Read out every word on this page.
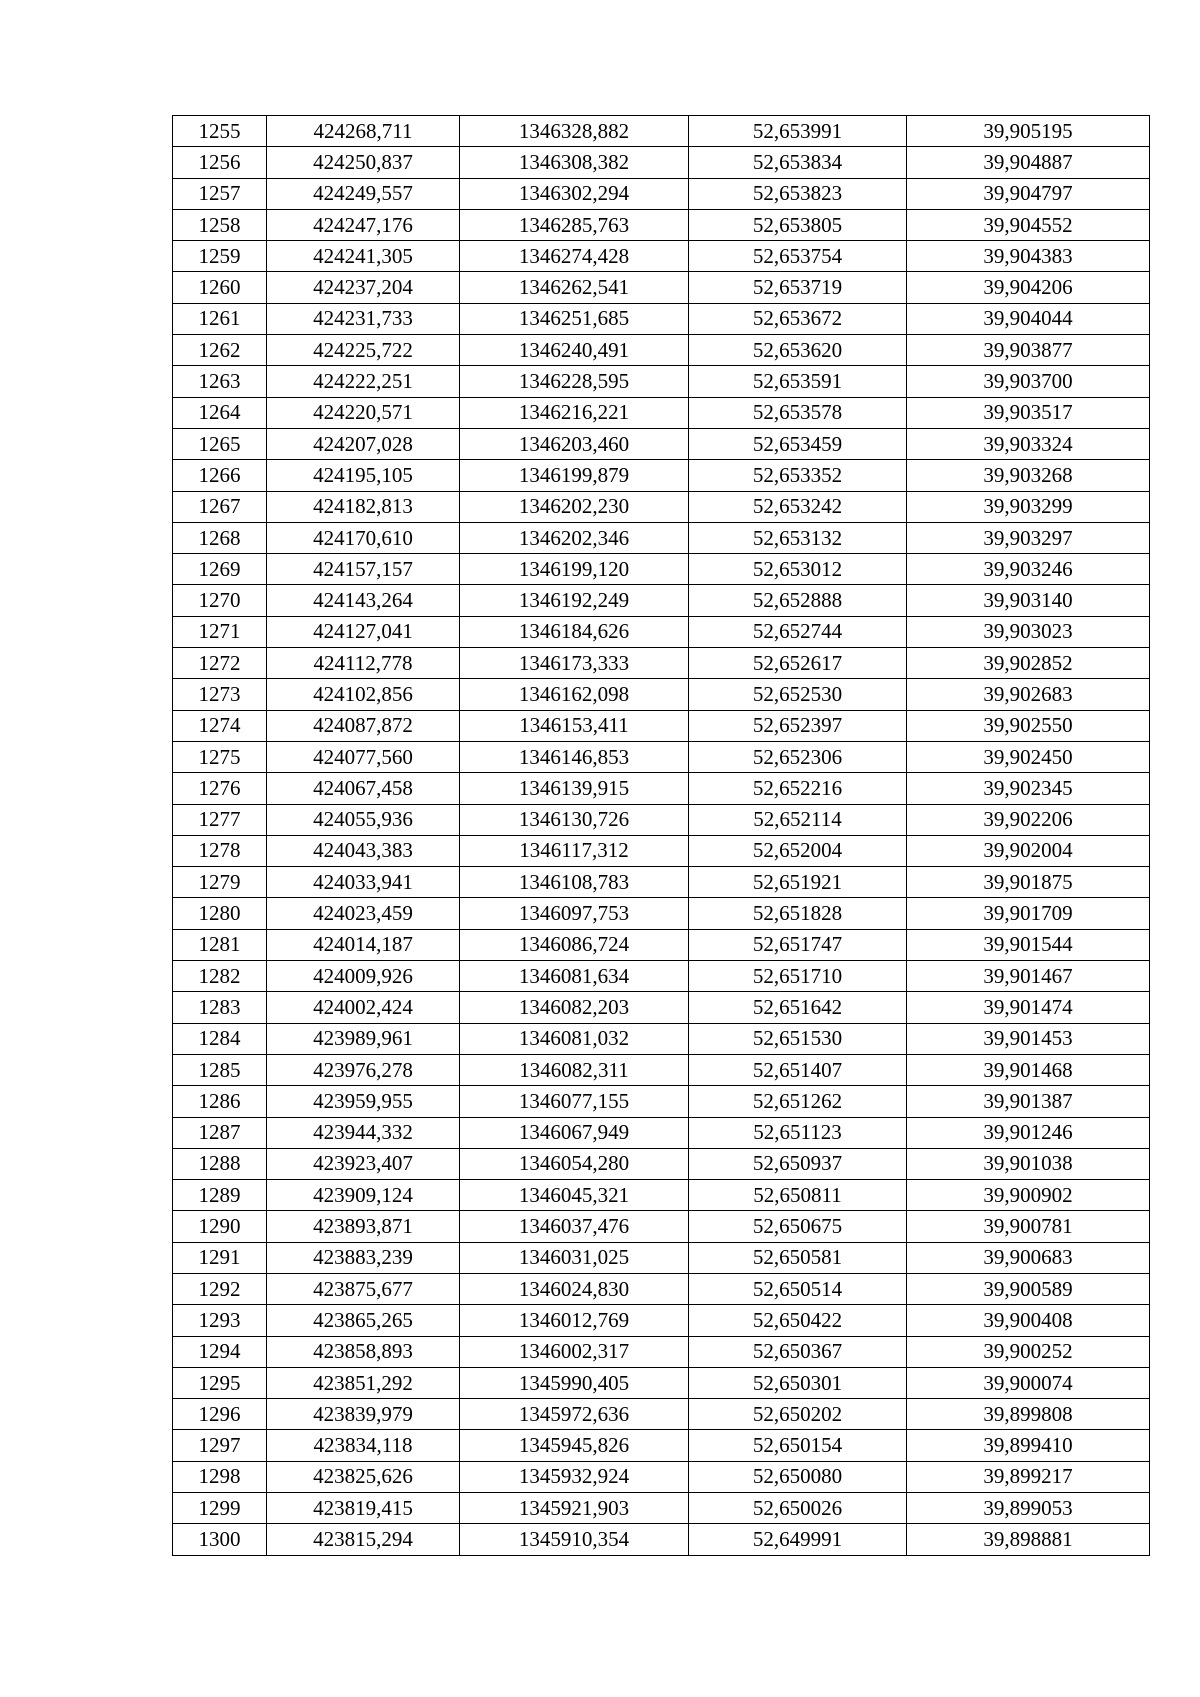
1255	424268,711	1346328,882	52,653991	39,905195
1256	424250,837	1346308,382	52,653834	39,904887
1257	424249,557	1346302,294	52,653823	39,904797
1258	424247,176	1346285,763	52,653805	39,904552
1259	424241,305	1346274,428	52,653754	39,904383
1260	424237,204	1346262,541	52,653719	39,904206
1261	424231,733	1346251,685	52,653672	39,904044
1262	424225,722	1346240,491	52,653620	39,903877
1263	424222,251	1346228,595	52,653591	39,903700
1264	424220,571	1346216,221	52,653578	39,903517
1265	424207,028	1346203,460	52,653459	39,903324
1266	424195,105	1346199,879	52,653352	39,903268
1267	424182,813	1346202,230	52,653242	39,903299
1268	424170,610	1346202,346	52,653132	39,903297
1269	424157,157	1346199,120	52,653012	39,903246
1270	424143,264	1346192,249	52,652888	39,903140
1271	424127,041	1346184,626	52,652744	39,903023
1272	424112,778	1346173,333	52,652617	39,902852
1273	424102,856	1346162,098	52,652530	39,902683
1274	424087,872	1346153,411	52,652397	39,902550
1275	424077,560	1346146,853	52,652306	39,902450
1276	424067,458	1346139,915	52,652216	39,902345
1277	424055,936	1346130,726	52,652114	39,902206
1278	424043,383	1346117,312	52,652004	39,902004
1279	424033,941	1346108,783	52,651921	39,901875
1280	424023,459	1346097,753	52,651828	39,901709
1281	424014,187	1346086,724	52,651747	39,901544
1282	424009,926	1346081,634	52,651710	39,901467
1283	424002,424	1346082,203	52,651642	39,901474
1284	423989,961	1346081,032	52,651530	39,901453
1285	423976,278	1346082,311	52,651407	39,901468
1286	423959,955	1346077,155	52,651262	39,901387
1287	423944,332	1346067,949	52,651123	39,901246
1288	423923,407	1346054,280	52,650937	39,901038
1289	423909,124	1346045,321	52,650811	39,900902
1290	423893,871	1346037,476	52,650675	39,900781
1291	423883,239	1346031,025	52,650581	39,900683
1292	423875,677	1346024,830	52,650514	39,900589
1293	423865,265	1346012,769	52,650422	39,900408
1294	423858,893	1346002,317	52,650367	39,900252
1295	423851,292	1345990,405	52,650301	39,900074
1296	423839,979	1345972,636	52,650202	39,899808
1297	423834,118	1345945,826	52,650154	39,899410
1298	423825,626	1345932,924	52,650080	39,899217
1299	423819,415	1345921,903	52,650026	39,899053
1300	423815,294	1345910,354	52,649991	39,898881
